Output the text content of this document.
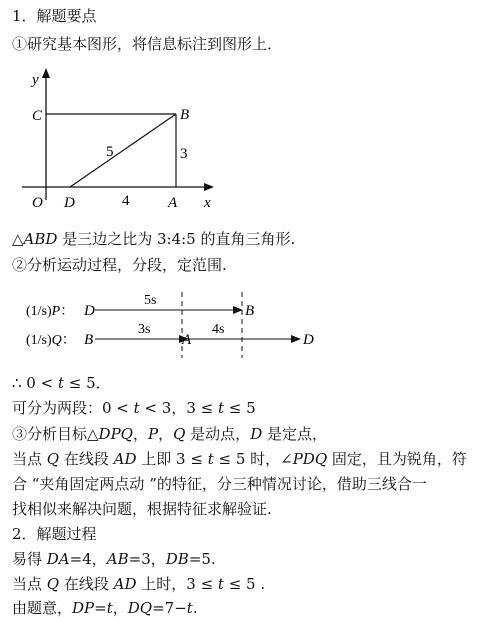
1．解题要点
①研究基本图形，将信息标注到图形上．
y
C	B
5	3
O D	4	A x
△ABD 是三边之比为 3:4:5 的直角三角形.
②分析运动过程，分段，定范围.
(1/s)P： D	B
5s
(1/s)Q： B	A	D
3s	4s
∴ 0 < t ≤ 5．
可分为两段：0 < t < 3，3 ≤ t ≤ 5
③分析目标△DPQ，P，Q 是动点，D 是定点，
当点 Q 在线段 AD 上即 3 ≤ t ≤ 5 时，∠PDQ 固定，且为锐角，符
合 “夹角固定两点动 ”的特征，分三种情况讨论，借助三线合一
找相似来解决问题，根据特征求解验证.
2．解题过程
易得 DA=4，AB=3，DB=5.
当点 Q 在线段 AD 上时，3 ≤ t ≤ 5 .
由题意，DP=t，DQ=7−t.
